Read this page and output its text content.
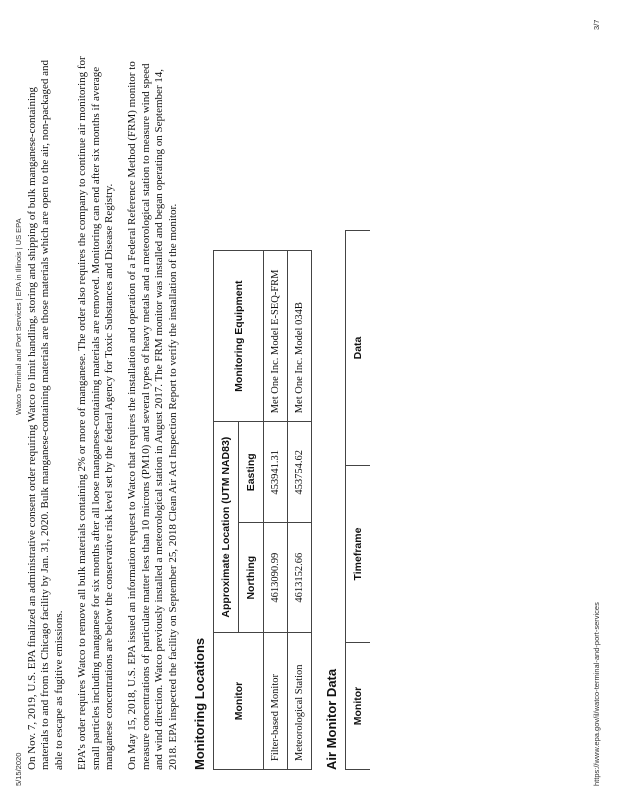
5/15/2020
Watco Terminal and Port Services | EPA in Illinois | US EPA On Nov. 7, 2019, U.S. EPA finalized an administrative consent order requiring Watco to limit handling, storing and shipping of bulk manganese-containing materials to and from its Chicago facility by Jan. 31, 2020. Bulk manganese-containing materials are those materials which are open to the air, non-packaged and able to escape as fugitive emissions. EPA’s order requires Watco to remove all bulk materials containing 2% or more of manganese. The order also requires the company to continue air monitoring for small particles including manganese for six months after all loose manganese-containing materials are removed. Monitoring can end after six months if average manganese concentrations are below the conservative risk level set by the federal Agency for Toxic Substances and Disease Registry. On May 15, 2018, U.S. EPA issued an information request to Watco that requires the installation and operation of a Federal Reference Method (FRM) monitor to measure concentrations of particulate matter less than 10 microns (PM10) and several types of heavy metals and a meteorological station to measure wind speed and wind direction. Watco previously installed a meteorological station in August 2017. The FRM monitor was installed and began operating on September 14, 2018. EPA inspected the facility on September 25, 2018 Clean Air Act Inspection Report to verify the installation of the monitor. Monitoring Locations Monitor	Approximate Location (UTM NAD83)		Monitoring Equipment
	Northing	Easting	
Filter-based Monitor	4613090.99	453941.31	Met One Inc. Model E-SEQ-FRM
Meteorological Station	4613152.66	453754.62	Met One Inc. Model 034B
Air Monitor Data Monitor	Timeframe	Data
https://www.epa.gov/il/watco-terminal-and-port-services
3/7
